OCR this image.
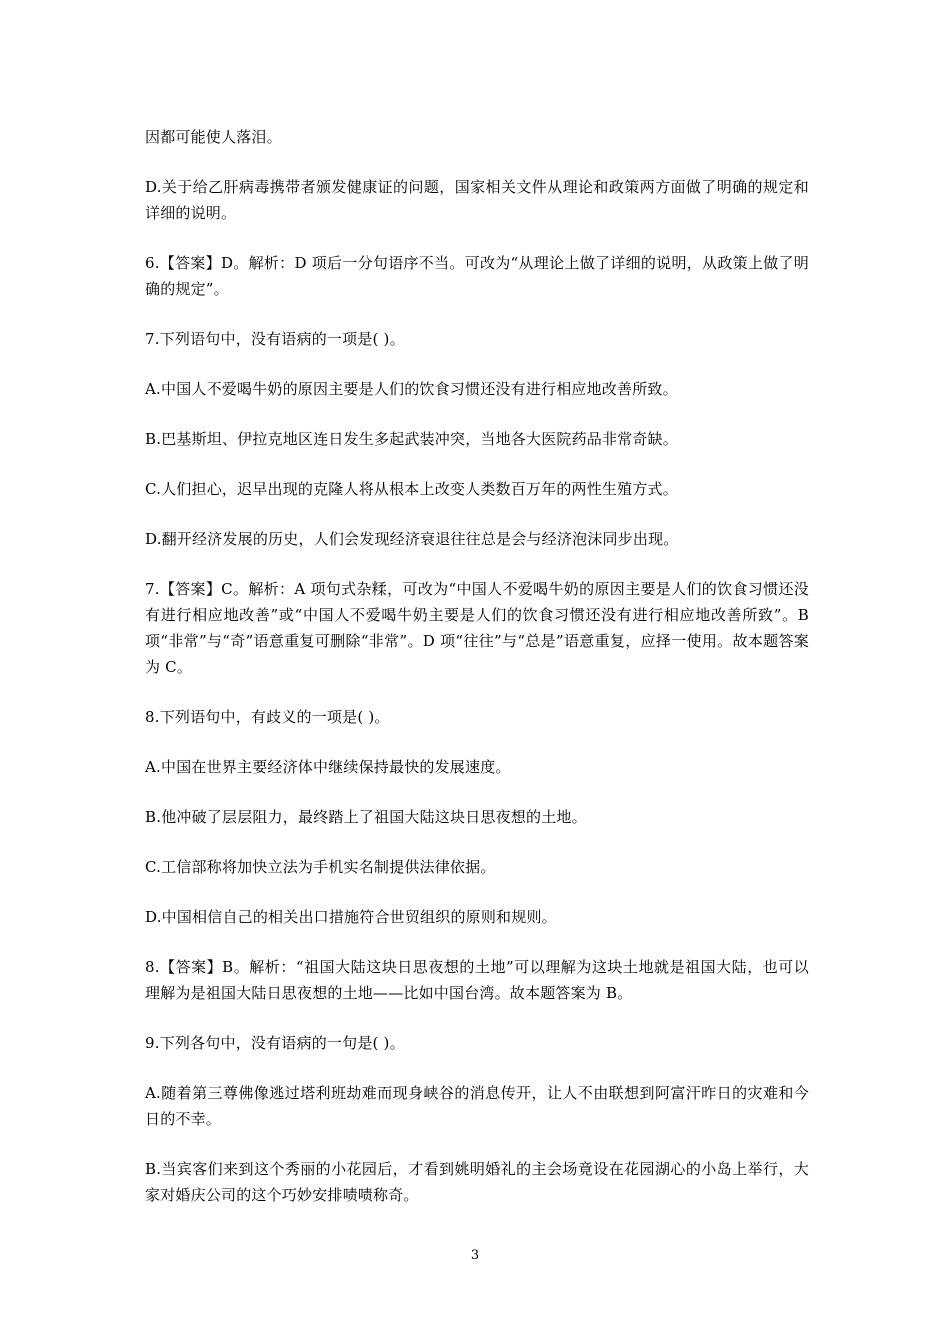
因都可能使人落泪。

D.关于给乙肝病毒携带者颁发健康证的问题，国家相关文件从理论和政策两方面做了明确的规定和详细的说明。

6.【答案】D。解析：D 项后一分句语序不当。可改为“从理论上做了详细的说明，从政策上做了明确的规定”。

7.下列语句中，没有语病的一项是( )。

A.中国人不爱喝牛奶的原因主要是人们的饮食习惯还没有进行相应地改善所致。

B.巴基斯坦、伊拉克地区连日发生多起武装冲突，当地各大医院药品非常奇缺。

C.人们担心，迟早出现的克隆人将从根本上改变人类数百万年的两性生殖方式。

D.翻开经济发展的历史，人们会发现经济衰退往往总是会与经济泡沫同步出现。

7.【答案】C。解析：A 项句式杂糅，可改为“中国人不爱喝牛奶的原因主要是人们的饮食习惯还没有进行相应地改善”或“中国人不爱喝牛奶主要是人们的饮食习惯还没有进行相应地改善所致”。B 项“非常”与“奇”语意重复可删除“非常”。D 项“往往”与“总是”语意重复，应择一使用。故本题答案为 C。

8.下列语句中，有歧义的一项是( )。

A.中国在世界主要经济体中继续保持最快的发展速度。

B.他冲破了层层阻力，最终踏上了祖国大陆这块日思夜想的土地。

C.工信部称将加快立法为手机实名制提供法律依据。

D.中国相信自己的相关出口措施符合世贸组织的原则和规则。

8.【答案】B。解析：“祖国大陆这块日思夜想的土地”可以理解为这块土地就是祖国大陆，也可以理解为是祖国大陆日思夜想的土地——比如中国台湾。故本题答案为 B。

9.下列各句中，没有语病的一句是( )。

A.随着第三尊佛像逃过塔利班劫难而现身峡谷的消息传开，让人不由联想到阿富汗昨日的灾难和今日的不幸。

B.当宾客们来到这个秀丽的小花园后，才看到姚明婚礼的主会场竟设在花园湖心的小岛上举行，大家对婚庆公司的这个巧妙安排啧啧称奇。

3
